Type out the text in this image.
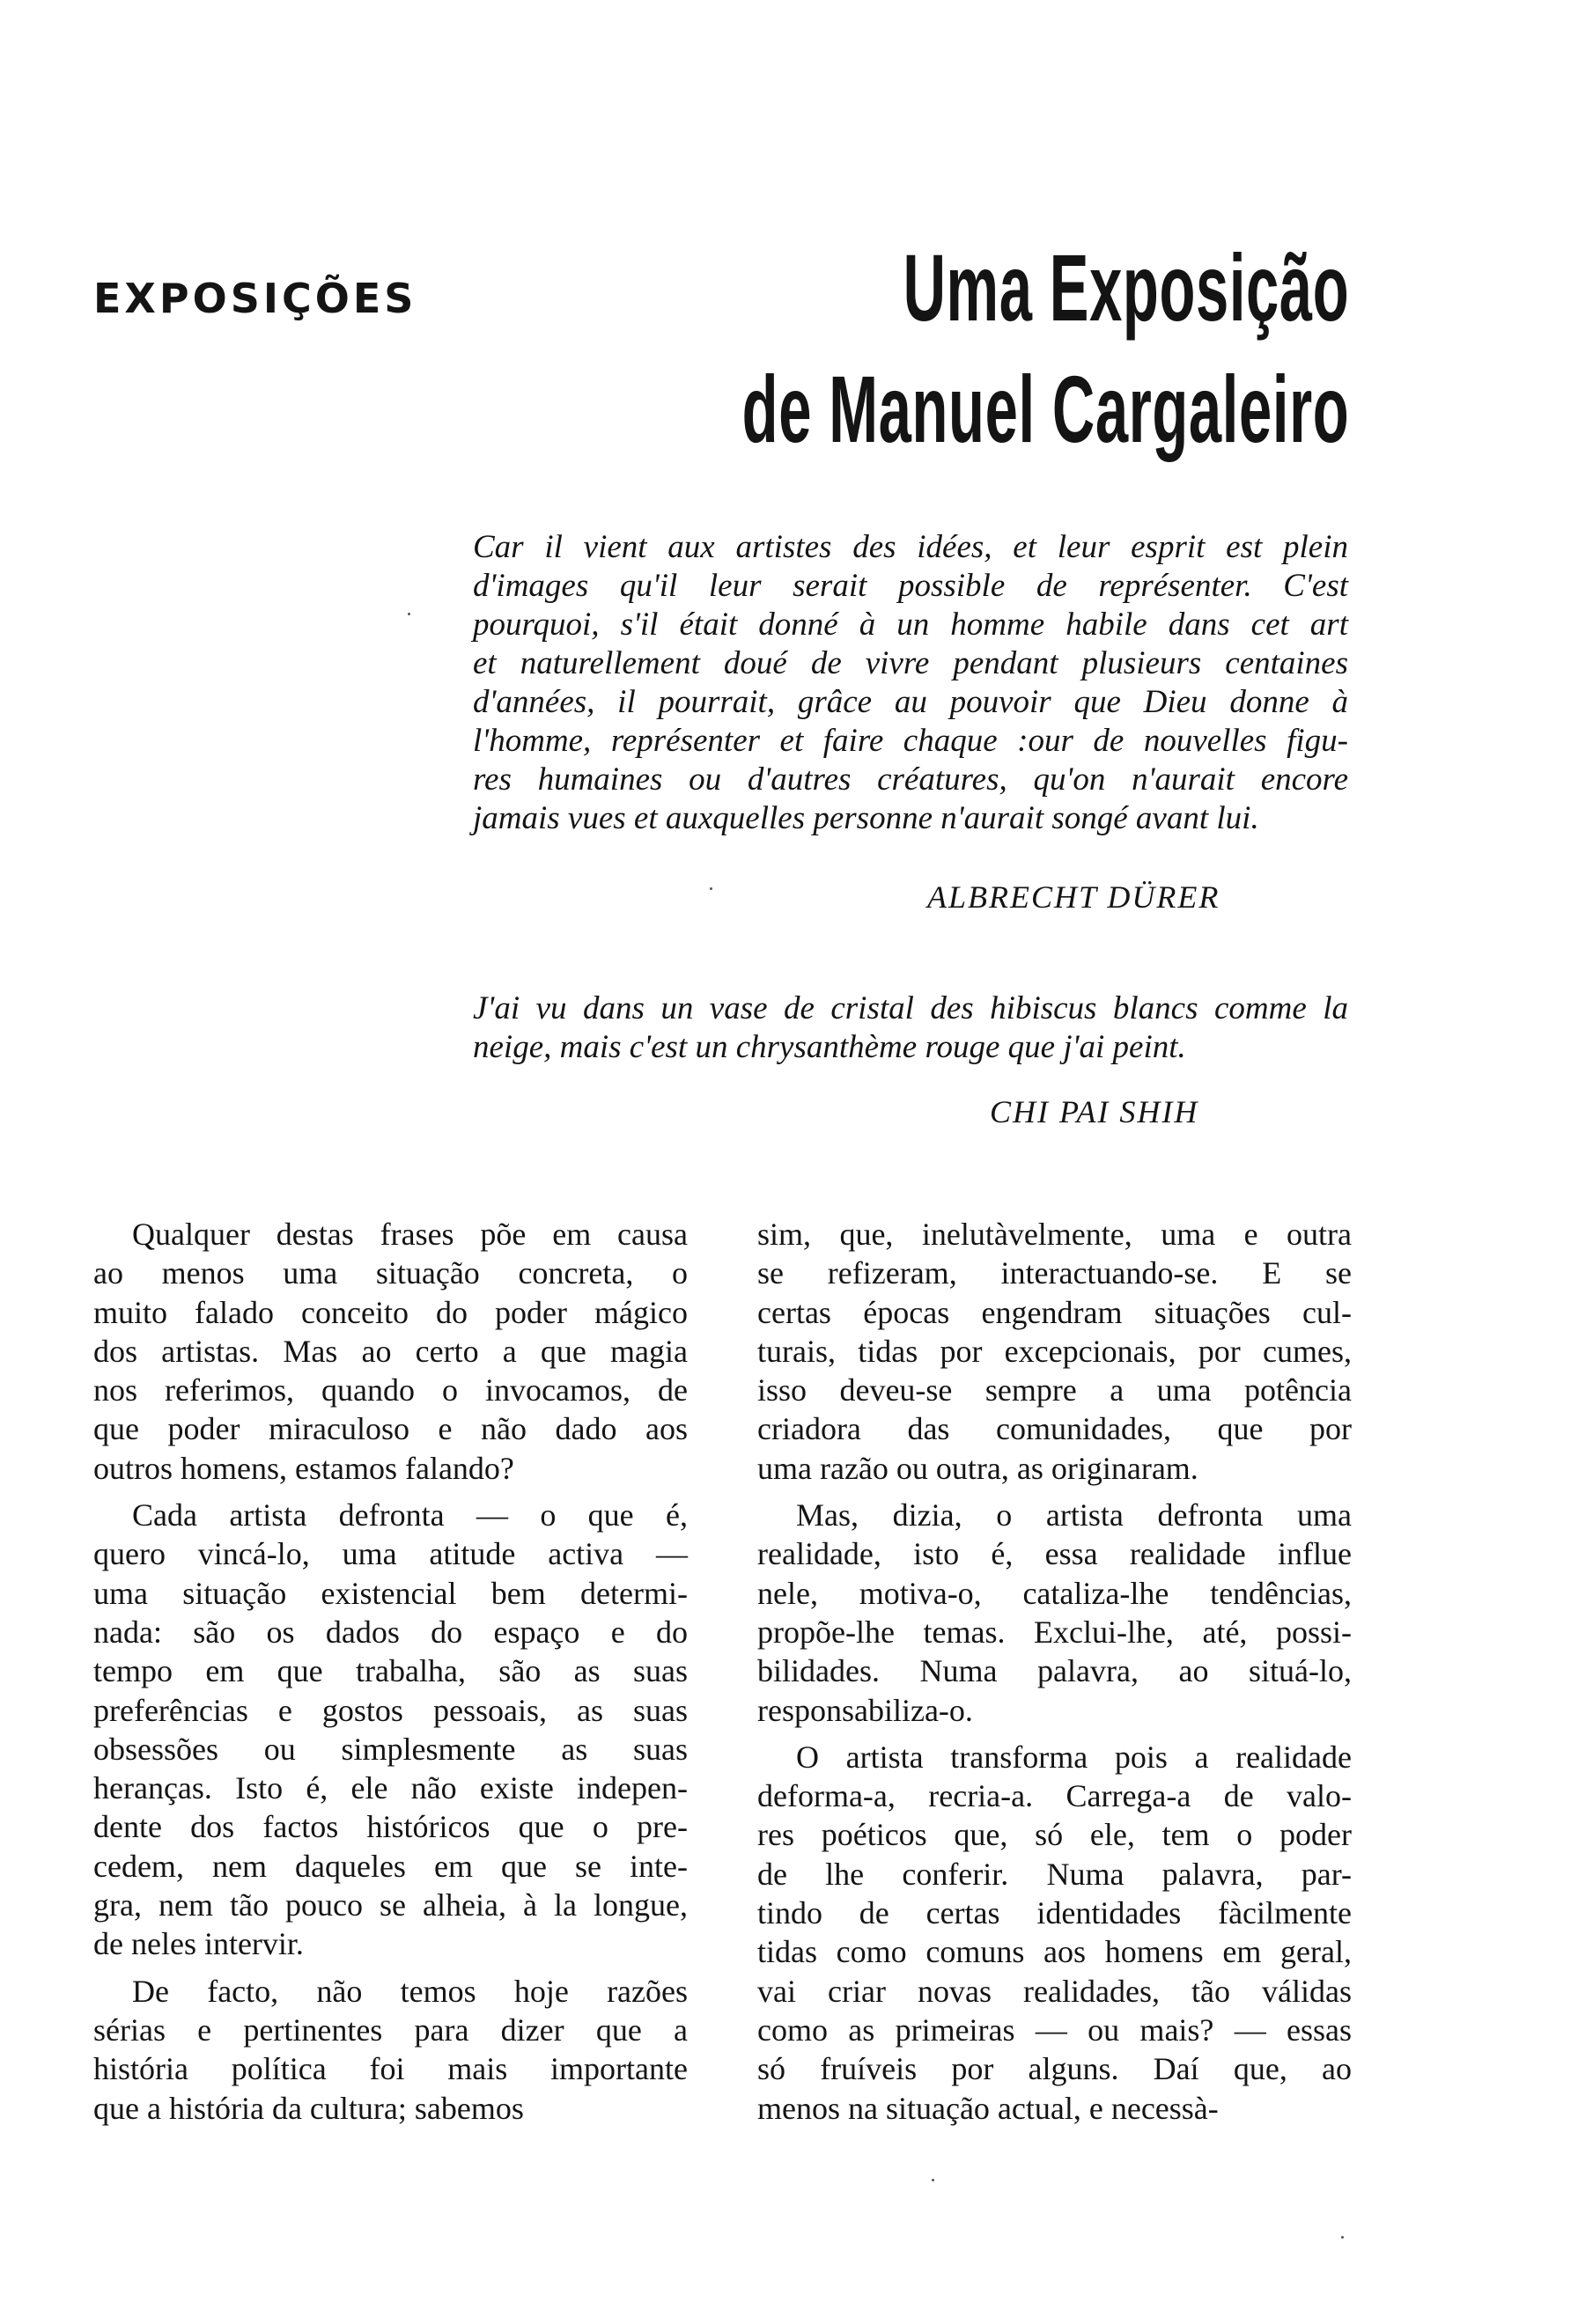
EXPOSIÇÕES	Uma Exposição
de Manuel Cargaleiro
Car il vient aux artistes des idées, et leur esprit est plein
d'images qu'il leur serait possible de représenter. C'est
pourquoi, s'il était donné à un homme habile dans cet art
et naturellement doué de vivre pendant plusieurs centaines
d'années, il pourrait, grâce au pouvoir que Dieu donne à
l'homme, représenter et faire chaque :our de nouvelles figu-
res humaines ou d'autres créatures, qu'on n'aurait encore
jamais vues et auxquelles personne n'aurait songé avant lui.

ALBRECHT DÜRER

J'ai vu dans un vase de cristal des hibiscus blancs comme la
neige, mais c'est un chrysanthème rouge que j'ai peint.

CHI PAI SHIH

Qualquer destas frases põe em causa
ao menos uma situação concreta, o
muito falado conceito do poder mágico
dos artistas. Mas ao certo a que magia
nos referimos, quando o invocamos, de
que poder miraculoso e não dado aos
outros homens, estamos falando?

Cada artista defronta — o que é,
quero vincá-lo, uma atitude activa —
uma situação existencial bem determi-
nada: são os dados do espaço e do
tempo em que trabalha, são as suas
preferências e gostos pessoais, as suas
obsessões ou simplesmente as suas
heranças. Isto é, ele não existe indepen-
dente dos factos históricos que o pre-
cedem, nem daqueles em que se inte-
gra, nem tão pouco se alheia, à la longue,
de neles intervir.

De facto, não temos hoje razões
sérias e pertinentes para dizer que a
história política foi mais importante
que a história da cultura; sabemos

sim, que, inelutàvelmente, uma e outra
se refizeram, interactuando-se. E se
certas épocas engendram situações cul-
turais, tidas por excepcionais, por cumes,
isso deveu-se sempre a uma potência
criadora das comunidades, que por
uma razão ou outra, as originaram.

Mas, dizia, o artista defronta uma
realidade, isto é, essa realidade influe
nele, motiva-o, cataliza-lhe tendências,
propõe-lhe temas. Exclui-lhe, até, possi-
bilidades. Numa palavra, ao situá-lo,
responsabiliza-o.

O artista transforma pois a realidade
deforma-a, recria-a. Carrega-a de valo-
res poéticos que, só ele, tem o poder
de lhe conferir. Numa palavra, par-
tindo de certas identidades fàcilmente
tidas como comuns aos homens em geral,
vai criar novas realidades, tão válidas
como as primeiras — ou mais? — essas
só fruíveis por alguns. Daí que, ao
menos na situação actual, e necessà-
